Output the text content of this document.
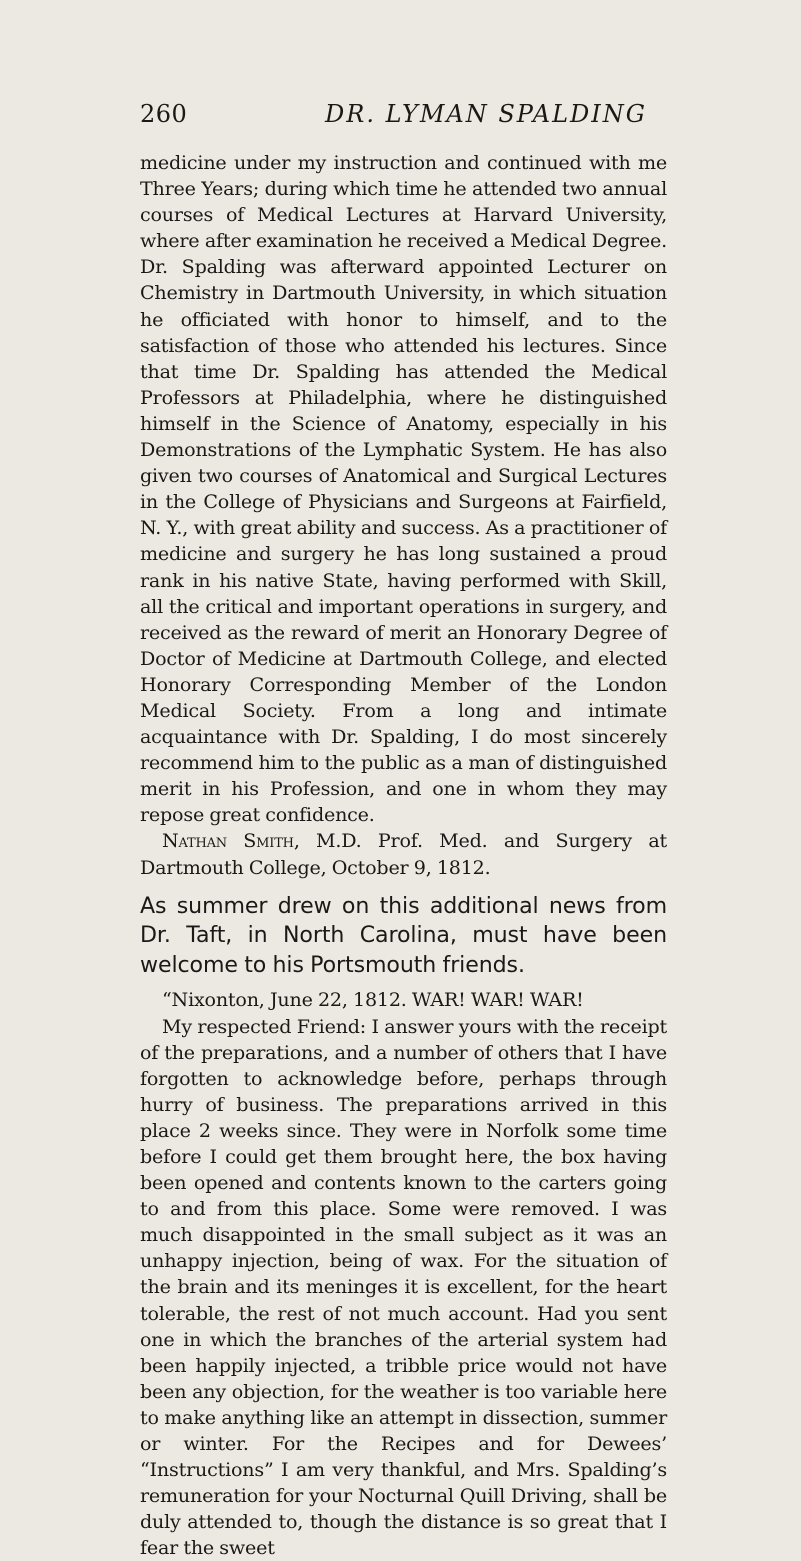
260	DR. LYMAN SPALDING

medicine under my instruction and continued with me Three Years; during which time he attended two annual courses of Medical Lectures at Harvard University, where after examination he received a Medical Degree. Dr. Spalding was afterward appointed Lecturer on Chemistry in Dartmouth University, in which situation he officiated with honor to himself, and to the satisfaction of those who attended his lectures. Since that time Dr. Spalding has attended the Medical Professors at Philadelphia, where he distinguished himself in the Science of Anatomy, especially in his Demonstrations of the Lymphatic System. He has also given two courses of Anatomical and Surgical Lectures in the College of Physicians and Surgeons at Fairfield, N. Y., with great ability and success. As a practitioner of medicine and surgery he has long sustained a proud rank in his native State, having performed with Skill, all the critical and important operations in surgery, and received as the reward of merit an Honorary Degree of Doctor of Medicine at Dartmouth College, and elected Honorary Corresponding Member of the London Medical Society. From a long and intimate acquaintance with Dr. Spalding, I do most sincerely recommend him to the public as a man of distinguished merit in his Profession, and one in whom they may repose great confidence.

Nathan Smith, M.D. Prof. Med. and Surgery at Dartmouth College, October 9, 1812.

As summer drew on this additional news from Dr. Taft, in North Carolina, must have been welcome to his Portsmouth friends.

“Nixonton, June 22, 1812. WAR! WAR! WAR!

My respected Friend: I answer yours with the receipt of the preparations, and a number of others that I have forgotten to acknowledge before, perhaps through hurry of business. The preparations arrived in this place 2 weeks since. They were in Norfolk some time before I could get them brought here, the box having been opened and contents known to the carters going to and from this place. Some were removed. I was much disappointed in the small subject as it was an unhappy injection, being of wax. For the situation of the brain and its meninges it is excellent, for the heart tolerable, the rest of not much account. Had you sent one in which the branches of the arterial system had been happily injected, a tribble price would not have been any objection, for the weather is too variable here to make anything like an attempt in dissection, summer or winter. For the Recipes and for Dewees’ “Instructions” I am very thankful, and Mrs. Spalding’s remuneration for your Nocturnal Quill Driving, shall be duly attended to, though the distance is so great that I fear the sweet
